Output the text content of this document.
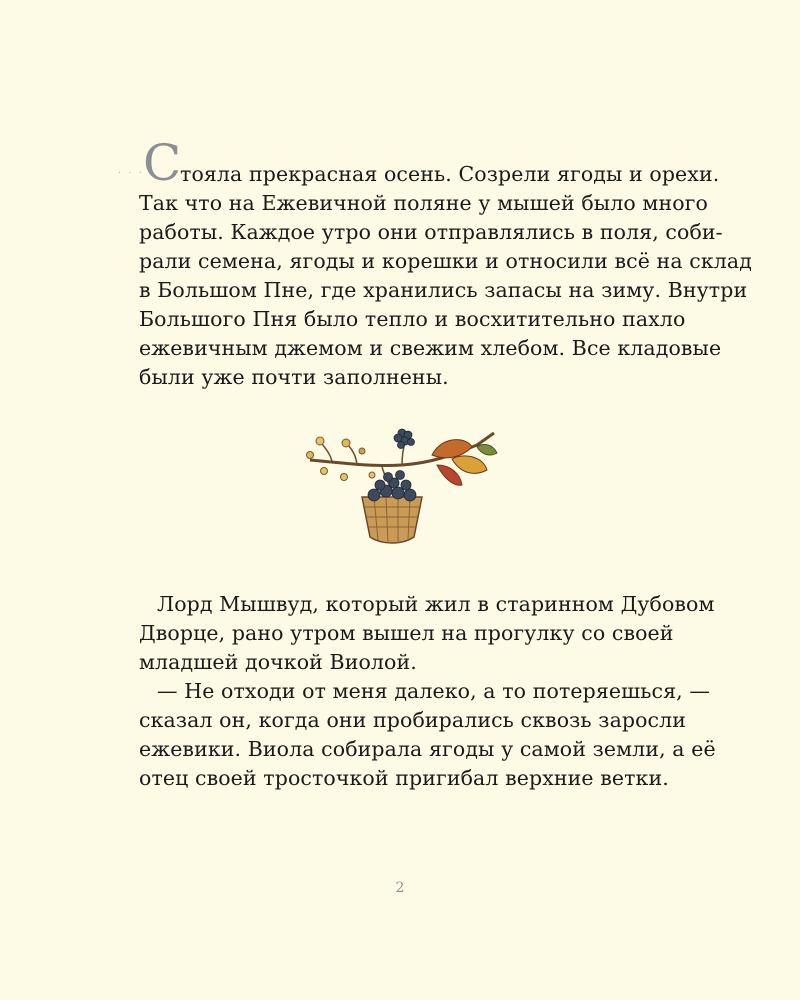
· · · С
тояла прекрасная осень. Созрели ягоды и орехи.
Так что на Ежевичной поляне у мышей было много
работы. Каждое утро они отправлялись в поля, соби-
рали семена, ягоды и корешки и относили всё на склад
в Большом Пне, где хранились запасы на зиму. Внутри
Большого Пня было тепло и восхитительно пахло
ежевичным джемом и свежим хлебом. Все кладовые
были уже почти заполнены.
Лорд Мышвуд, который жил в старинном Дубовом
Дворце, рано утром вышел на прогулку со своей
младшей дочкой Виолой.
— Не отходи от меня далеко, а то потеряешься, —
сказал он, когда они пробирались сквозь заросли
ежевики. Виола собирала ягоды у самой земли, а её
отец своей тросточкой пригибал верхние ветки.
2
